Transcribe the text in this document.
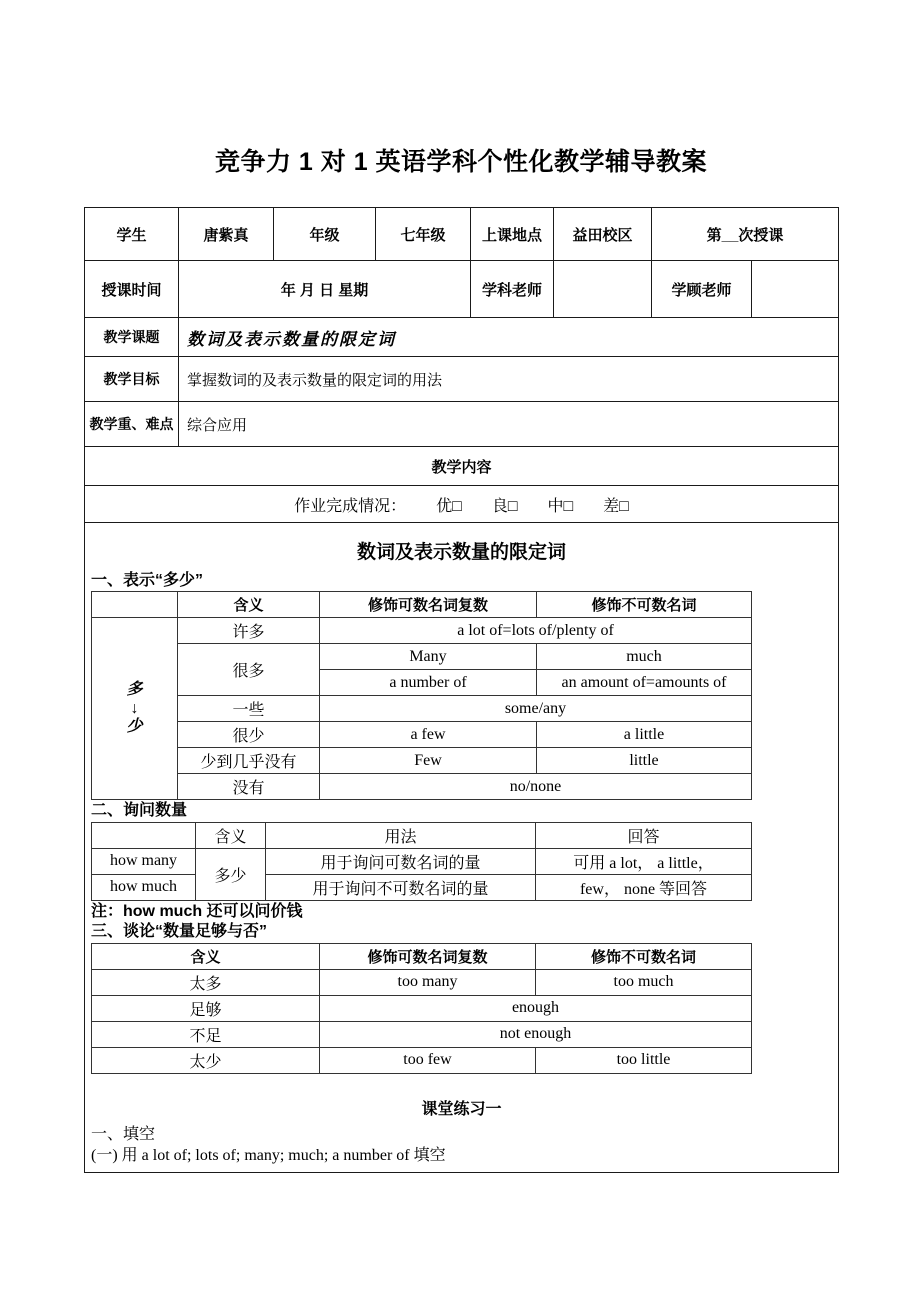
竞争力 1 对 1 英语学科个性化教学辅导教案
学生	唐紫真	年级	七年级	上课地点	益田校区	第__次授课
授课时间	年 月 日 星期	学科老师		学顾老师	
教学课题	数词及表示数量的限定词
教学目标	掌握数词的及表示数量的限定词的用法
教学重、难点	综合应用
教学内容
作业完成情况： 优□ 良□ 中□ 差□

数词及表示数量的限定词
一、表示“多少”
	含义	修饰可数名词复数	修饰不可数名词

多
↓
少
	许多	a lot of=lots of/plenty of
很多	Many	much
a number of	an amount of=amounts of
一些	some/any
很少	a few	a little
少到几乎没有	Few	little
没有	no/none
二、询问数量
	含义	用法	回答
how many	多少	用于询问可数名词的量	可用 a lot， a little，
how much	用于询问不可数名词的量	few， none 等回答
注：how much 还可以问价钱
三、谈论“数量足够与否”
含义	修饰可数名词复数	修饰不可数名词
太多	too many	too much
足够	enough
不足	not enough
太少	too few	too little
课堂练习一
一、填空
(一) 用 a lot of; lots of; many; much; a number of 填空
